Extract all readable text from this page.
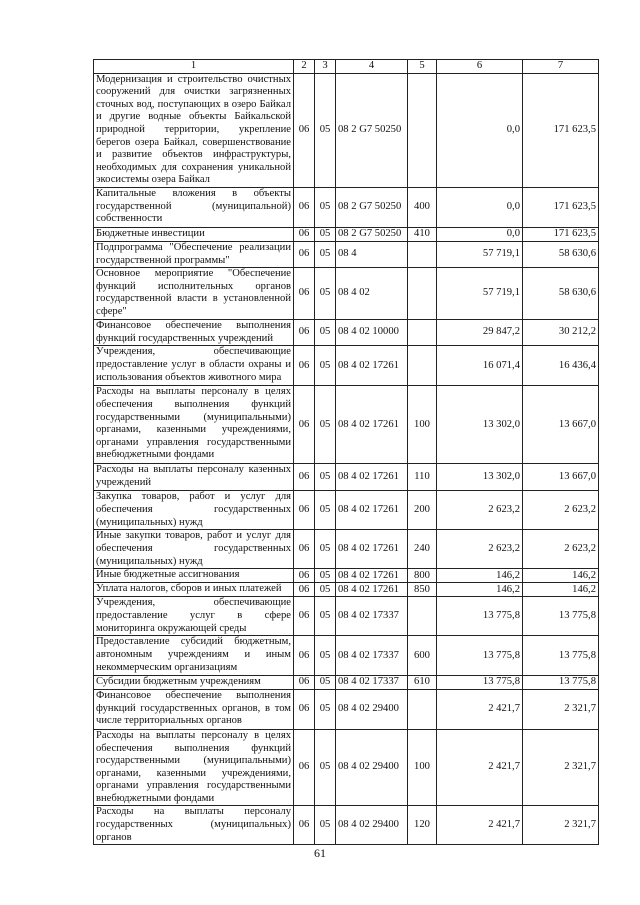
1	2	3	4	5	6	7
Модернизация и строительство очистных сооружений для очистки загрязненных сточных вод, поступающих в озеро Байкал и другие водные объекты Байкальской природной территории, укрепление берегов озера Байкал, совершенствование и развитие объектов инфраструктуры, необходимых для сохранения уникальной экосистемы озера Байкал	06	05	08 2 G7 50250		0,0	171 623,5
Капитальные вложения в объекты государственной (муниципальной) собственности	06	05	08 2 G7 50250	400	0,0	171 623,5
Бюджетные инвестиции	06	05	08 2 G7 50250	410	0,0	171 623,5
Подпрограмма "Обеспечение реализации государственной программы"	06	05	08 4		57 719,1	58 630,6
Основное мероприятие "Обеспечение функций исполнительных органов государственной власти в установленной сфере"	06	05	08 4 02		57 719,1	58 630,6
Финансовое обеспечение выполнения функций государственных учреждений	06	05	08 4 02 10000		29 847,2	30 212,2
Учреждения, обеспечивающие предоставление услуг в области охраны и использования объектов животного мира	06	05	08 4 02 17261		16 071,4	16 436,4
Расходы на выплаты персоналу в целях обеспечения выполнения функций государственными (муниципальными) органами, казенными учреждениями, органами управления государственными внебюджетными фондами	06	05	08 4 02 17261	100	13 302,0	13 667,0
Расходы на выплаты персоналу казенных учреждений	06	05	08 4 02 17261	110	13 302,0	13 667,0
Закупка товаров, работ и услуг для обеспечения государственных (муниципальных) нужд	06	05	08 4 02 17261	200	2 623,2	2 623,2
Иные закупки товаров, работ и услуг для обеспечения государственных (муниципальных) нужд	06	05	08 4 02 17261	240	2 623,2	2 623,2
Иные бюджетные ассигнования	06	05	08 4 02 17261	800	146,2	146,2
Уплата налогов, сборов и иных платежей	06	05	08 4 02 17261	850	146,2	146,2
Учреждения, обеспечивающие предоставление услуг в сфере мониторинга окружающей среды	06	05	08 4 02 17337		13 775,8	13 775,8
Предоставление субсидий бюджетным, автономным учреждениям и иным некоммерческим организациям	06	05	08 4 02 17337	600	13 775,8	13 775,8
Субсидии бюджетным учреждениям	06	05	08 4 02 17337	610	13 775,8	13 775,8
Финансовое обеспечение выполнения функций государственных органов, в том числе территориальных органов	06	05	08 4 02 29400		2 421,7	2 321,7
Расходы на выплаты персоналу в целях обеспечения выполнения функций государственными (муниципальными) органами, казенными учреждениями, органами управления государственными внебюджетными фондами	06	05	08 4 02 29400	100	2 421,7	2 321,7
Расходы на выплаты персоналу государственных (муниципальных) органов	06	05	08 4 02 29400	120	2 421,7	2 321,7
61
